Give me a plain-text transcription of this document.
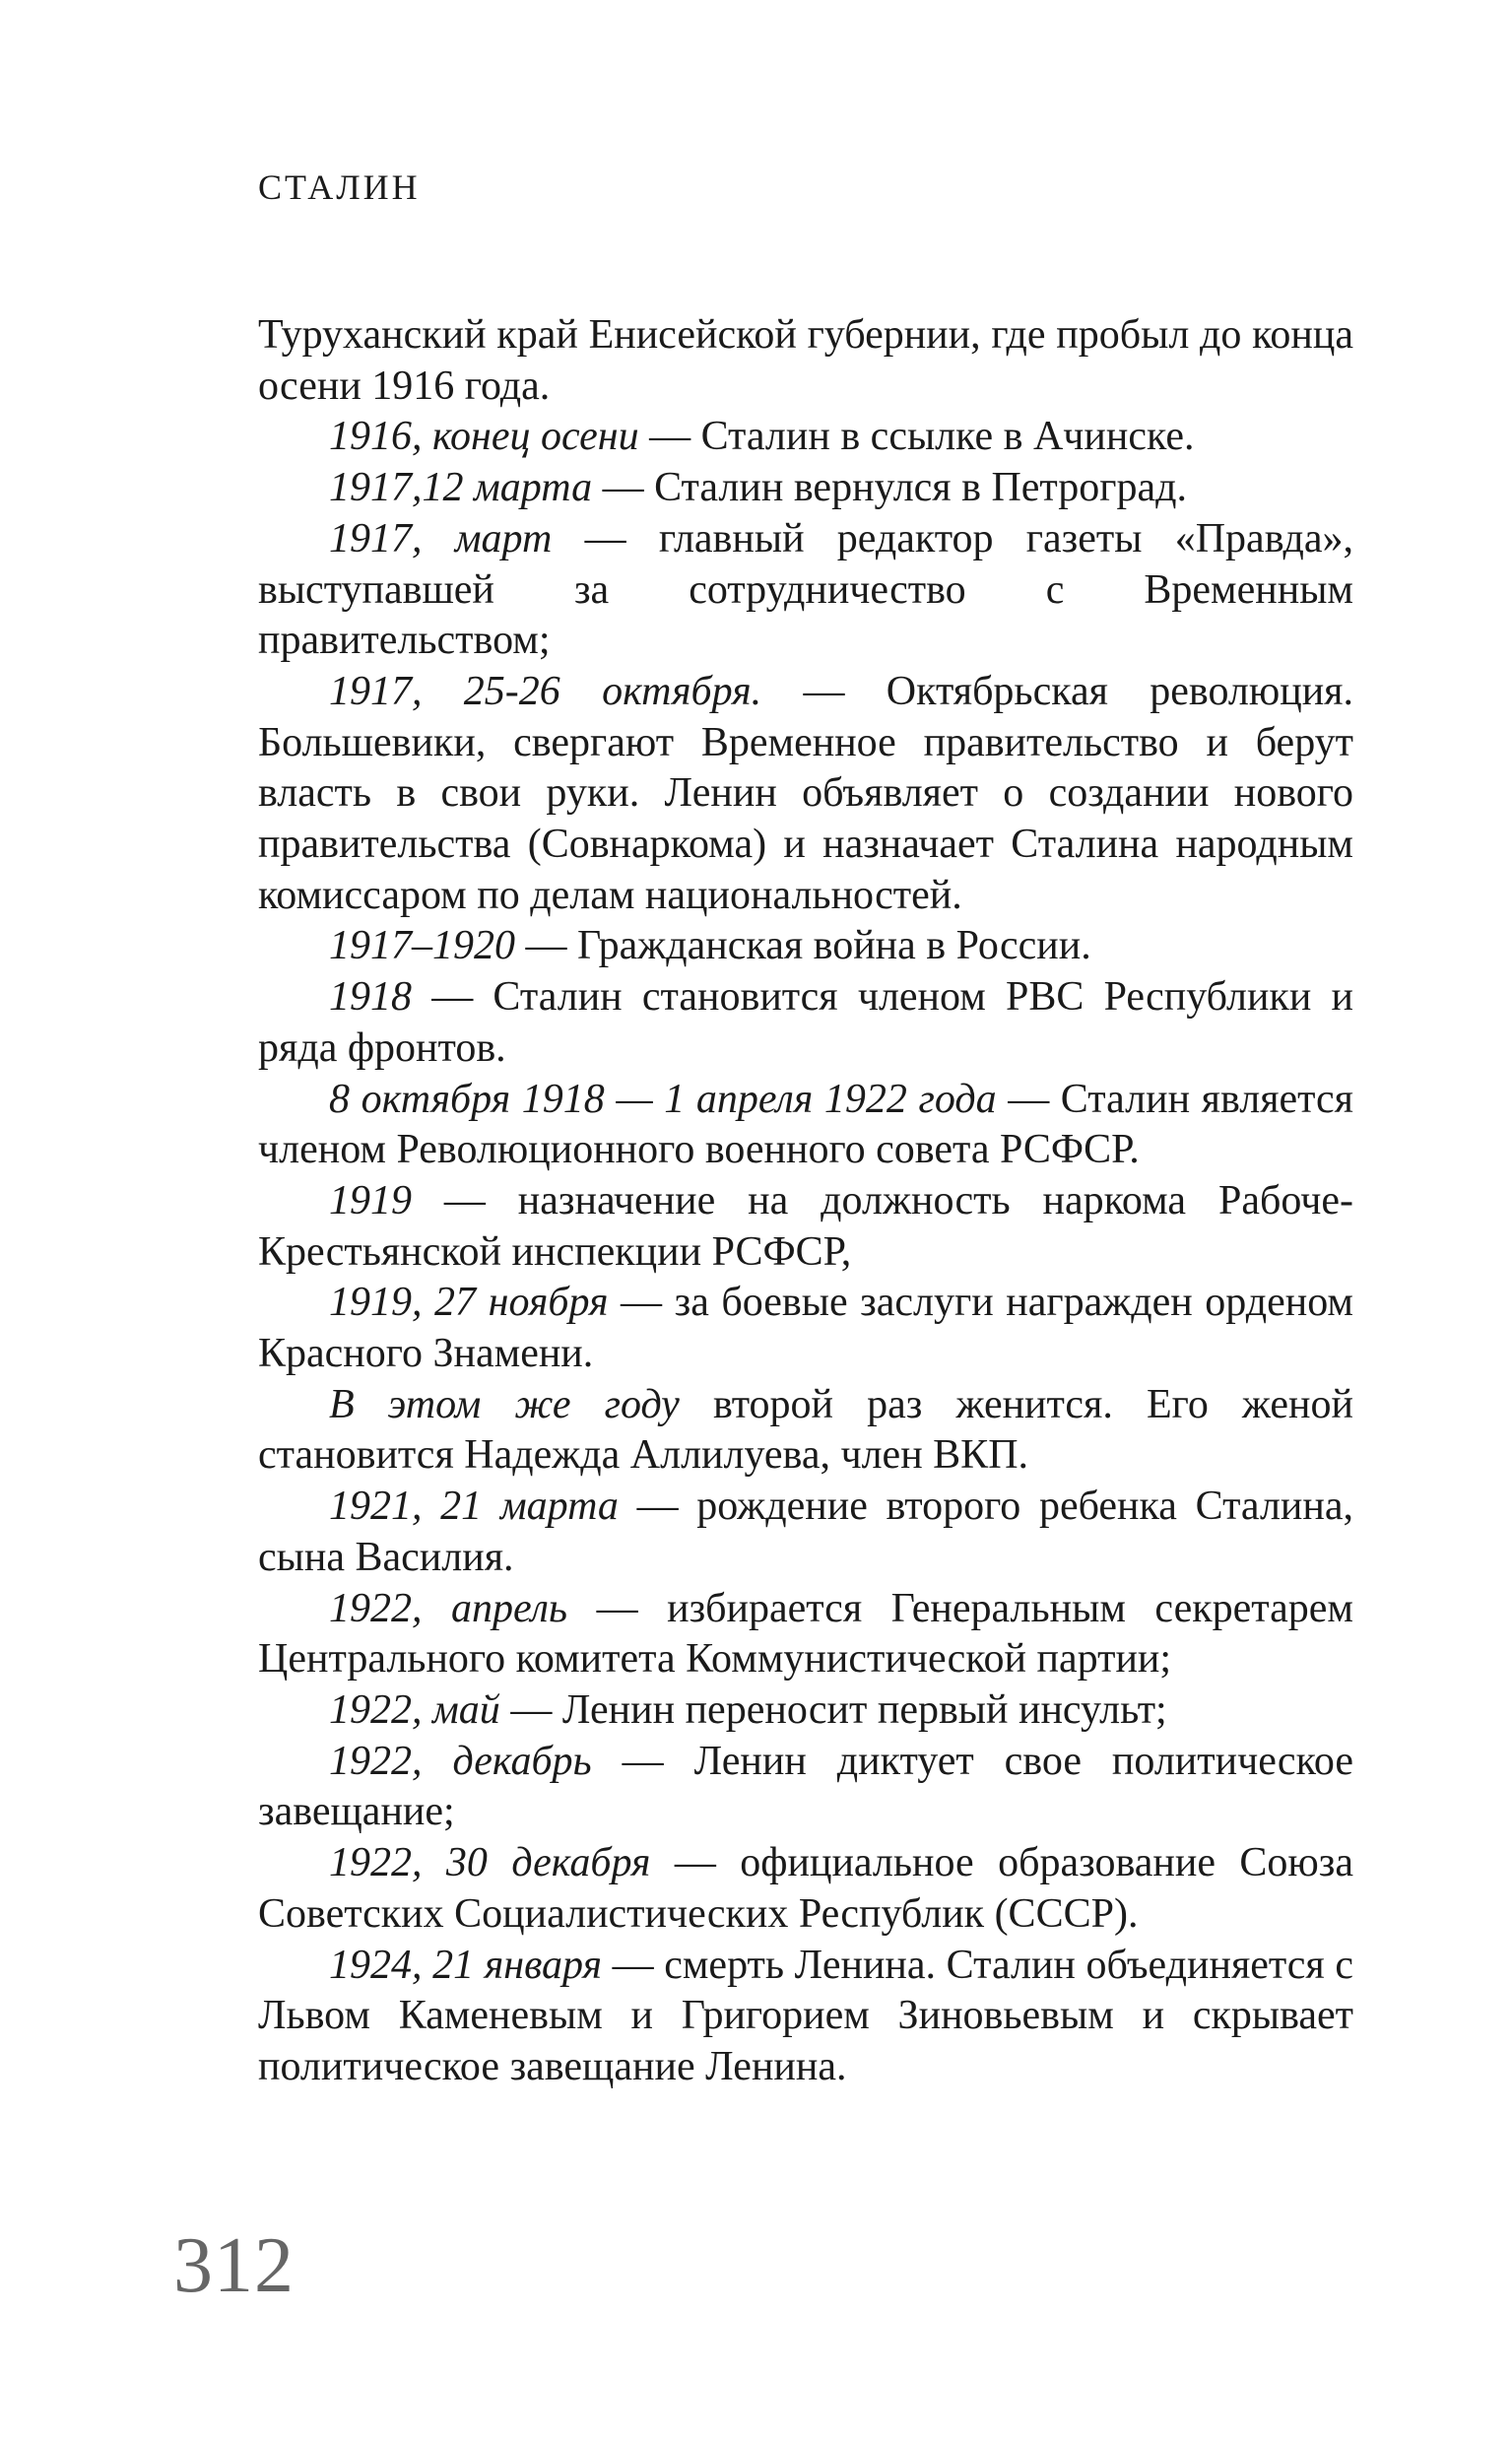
СТАЛИН

Туруханский край Енисейской губернии, где пробыл до конца осени 1916 года.

1916, конец осени — Сталин в ссылке в Ачинске.

1917,12 марта — Сталин вернулся в Петроград.

1917, март — главный редактор газеты «Правда», выступавшей за сотрудничество с Временным правительством;

1917, 25-26 октября. — Октябрьская революция. Большевики, свергают Временное правительство и берут власть в свои руки. Ленин объявляет о создании нового правительства (Совнаркома) и назначает Сталина народным комиссаром по делам национальностей.

1917–1920 — Гражданская война в России.

1918 — Сталин становится членом РВС Республики и ряда фронтов.

8 октября 1918 — 1 апреля 1922 года — Сталин является членом Революционного военного совета РСФСР.

1919 — назначение на должность наркома Рабоче-Крестьянской инспекции РСФСР,

1919, 27 ноября — за боевые заслуги награжден орденом Красного Знамени.

В этом же году второй раз женится. Его женой становится Надежда Аллилуева, член ВКП.

1921, 21 марта — рождение второго ребенка Сталина, сына Василия.

1922, апрель — избирается Генеральным секретарем Центрального комитета Коммунистической партии;

1922, май — Ленин переносит первый инсульт;

1922, декабрь — Ленин диктует свое политическое завещание;

1922, 30 декабря — официальное образование Союза Советских Социалистических Республик (СССР).

1924, 21 января — смерть Ленина. Сталин объединяется с Львом Каменевым и Григорием Зиновьевым и скрывает политическое завещание Ленина.

312
